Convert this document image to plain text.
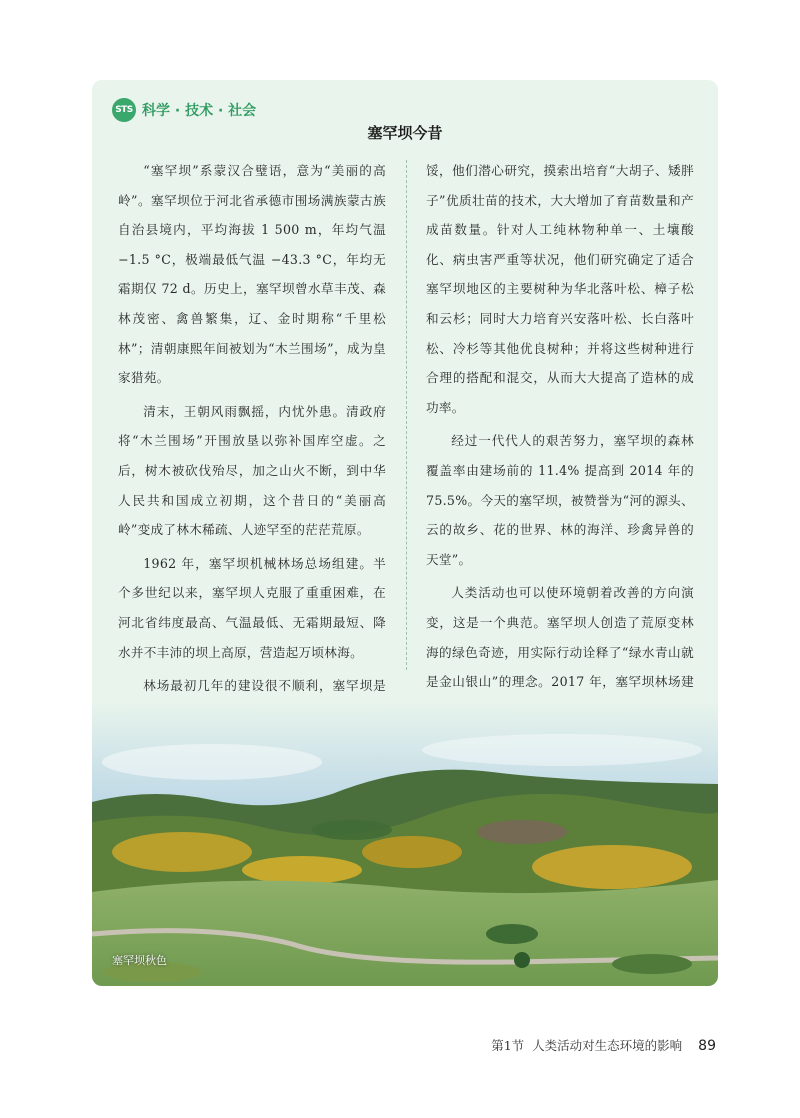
STS 科学 · 技术 · 社会
塞罕坝今昔

“塞罕坝”系蒙汉合璧语，意为“美丽的高岭”。塞罕坝位于河北省承德市围场满族蒙古族自治县境内，平均海拔 1 500 m，年均气温 −1.5 °C，极端最低气温 −43.3 °C，年均无霜期仅 72 d。历史上，塞罕坝曾水草丰茂、森林茂密、禽兽繁集，辽、金时期称“千里松林”；清朝康熙年间被划为“木兰围场”，成为皇家猎苑。

清末，王朝风雨飘摇，内忧外患。清政府将“木兰围场”开围放垦以弥补国库空虚。之后，树木被砍伐殆尽，加之山火不断，到中华人民共和国成立初期，这个昔日的“美丽高岭”变成了林木稀疏、人迹罕至的茫茫荒原。

1962 年，塞罕坝机械林场总场组建。半个多世纪以来，塞罕坝人克服了重重困难，在河北省纬度最高、气温最低、无霜期最短、降水并不丰沛的坝上高原，营造起万顷林海。

林场最初几年的建设很不顺利，塞罕坝是

馁，他们潜心研究，摸索出培育“大胡子、矮胖子”优质壮苗的技术，大大增加了育苗数量和产成苗数量。针对人工纯林物种单一、土壤酸化、病虫害严重等状况，他们研究确定了适合塞罕坝地区的主要树种为华北落叶松、樟子松和云杉；同时大力培育兴安落叶松、长白落叶松、冷杉等其他优良树种；并将这些树种进行合理的搭配和混交，从而大大提高了造林的成功率。

经过一代代人的艰苦努力，塞罕坝的森林覆盖率由建场前的 11.4% 提高到 2014 年的 75.5%。今天的塞罕坝，被赞誉为“河的源头、云的故乡、花的世界、林的海洋、珍禽异兽的天堂”。

人类活动也可以使环境朝着改善的方向演变，这是一个典范。塞罕坝人创造了荒原变林海的绿色奇迹，用实际行动诠释了“绿水青山就是金山银山”的理念。2017 年，塞罕坝林场建

塞罕坝秋色
第1节 人类活动对生态环境的影响 89
